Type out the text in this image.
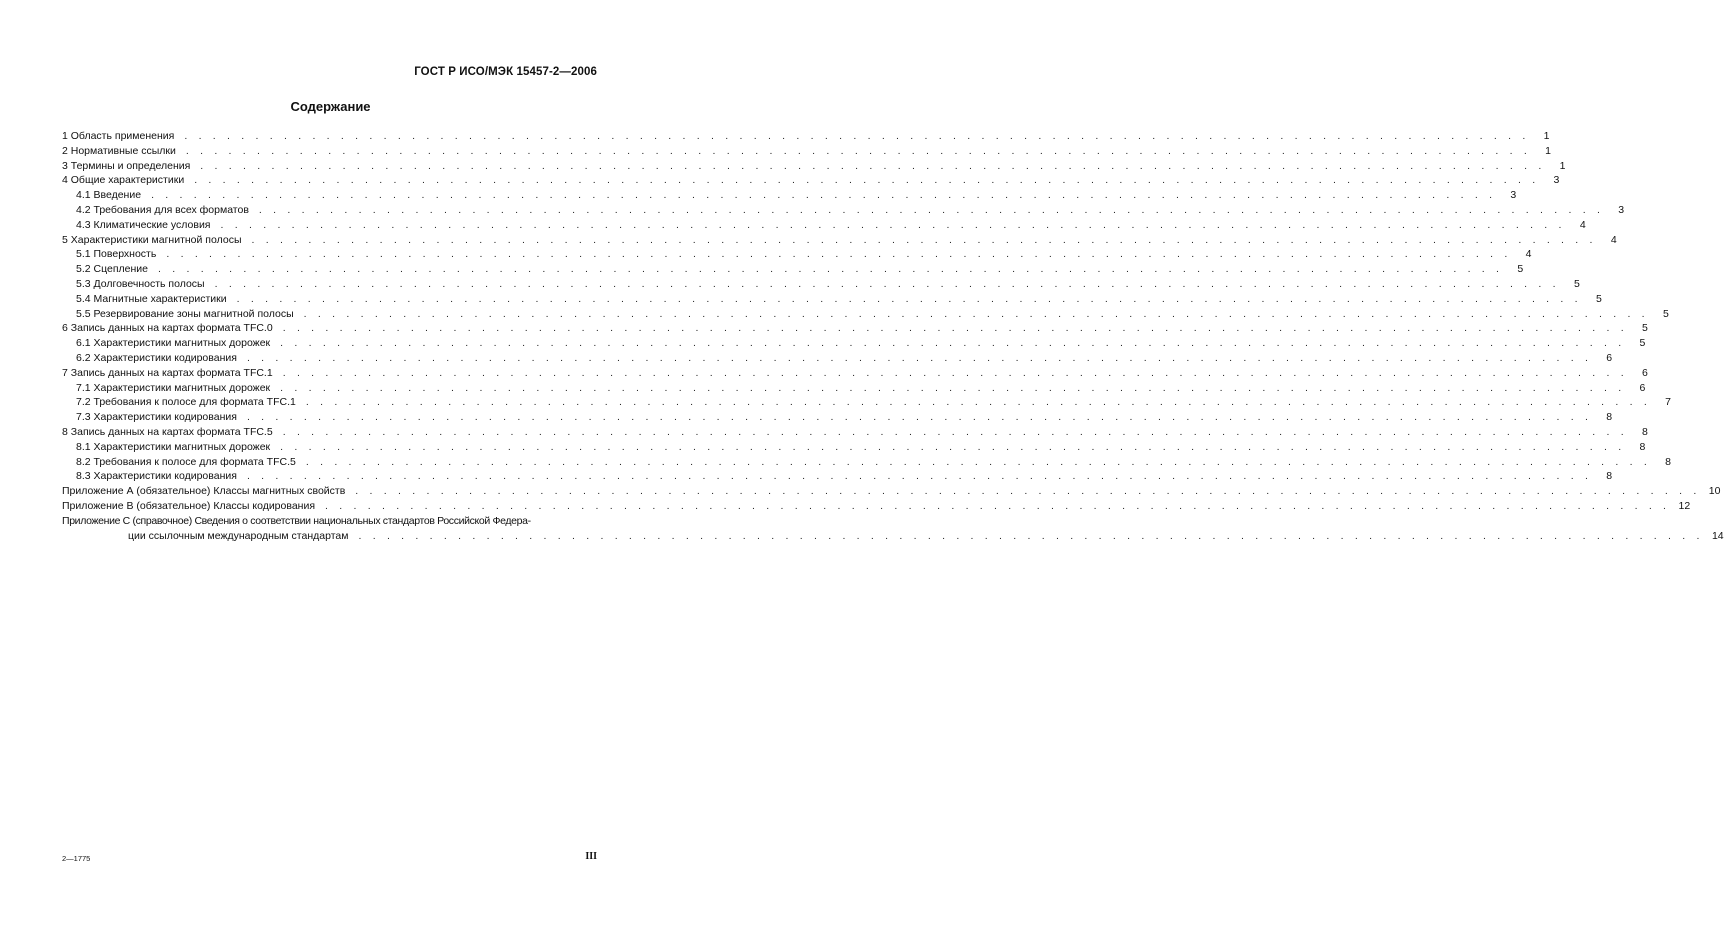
ГОСТ Р ИСО/МЭК 15457-2—2006
Содержание
1 Область применения . . . . . . . . . . . . . . . . . . . . . . . . . . . . . . . . . . . . . . . . . . . . . . . . . . . . . . . . . . . . . . . . . . . . . . . . . . . . . . . . . . . . . . . . . . . . . . .	1
2 Нормативные ссылки . . . . . . . . . . . . . . . . . . . . . . . . . . . . . . . . . . . . . . . . . . . . . . . . . . . . . . . . . . . . . . . . . . . . . . . . . . . . . . . . . . . . . . . . . . . . . . .	1
3 Термины и определения . . . . . . . . . . . . . . . . . . . . . . . . . . . . . . . . . . . . . . . . . . . . . . . . . . . . . . . . . . . . . . . . . . . . . . . . . . . . . . . . . . . . . . . . . . . . . . .	1
4 Общие характеристики . . . . . . . . . . . . . . . . . . . . . . . . . . . . . . . . . . . . . . . . . . . . . . . . . . . . . . . . . . . . . . . . . . . . . . . . . . . . . . . . . . . . . . . . . . . . . . .	3
4.1 Введение . . . . . . . . . . . . . . . . . . . . . . . . . . . . . . . . . . . . . . . . . . . . . . . . . . . . . . . . . . . . . . . . . . . . . . . . . . . . . . . . . . . . . . . . . . . . . . .	3
4.2 Требования для всех форматов . . . . . . . . . . . . . . . . . . . . . . . . . . . . . . . . . . . . . . . . . . . . . . . . . . . . . . . . . . . . . . . . . . . . . . . . . . . . . . . . . . . . . . . . . . . . . . .	3
4.3 Климатические условия . . . . . . . . . . . . . . . . . . . . . . . . . . . . . . . . . . . . . . . . . . . . . . . . . . . . . . . . . . . . . . . . . . . . . . . . . . . . . . . . . . . . . . . . . . . . . . .	4
5 Характеристики магнитной полосы . . . . . . . . . . . . . . . . . . . . . . . . . . . . . . . . . . . . . . . . . . . . . . . . . . . . . . . . . . . . . . . . . . . . . . . . . . . . . . . . . . . . . . . . . . . . . . .	4
5.1 Поверхность . . . . . . . . . . . . . . . . . . . . . . . . . . . . . . . . . . . . . . . . . . . . . . . . . . . . . . . . . . . . . . . . . . . . . . . . . . . . . . . . . . . . . . . . . . . . . . .	4
5.2 Сцепление . . . . . . . . . . . . . . . . . . . . . . . . . . . . . . . . . . . . . . . . . . . . . . . . . . . . . . . . . . . . . . . . . . . . . . . . . . . . . . . . . . . . . . . . . . . . . . .	5
5.3 Долговечность полосы . . . . . . . . . . . . . . . . . . . . . . . . . . . . . . . . . . . . . . . . . . . . . . . . . . . . . . . . . . . . . . . . . . . . . . . . . . . . . . . . . . . . . . . . . . . . . . .	5
5.4 Магнитные характеристики . . . . . . . . . . . . . . . . . . . . . . . . . . . . . . . . . . . . . . . . . . . . . . . . . . . . . . . . . . . . . . . . . . . . . . . . . . . . . . . . . . . . . . . . . . . . . . .	5
5.5 Резервирование зоны магнитной полосы . . . . . . . . . . . . . . . . . . . . . . . . . . . . . . . . . . . . . . . . . . . . . . . . . . . . . . . . . . . . . . . . . . . . . . . . . . . . . . . . . . . . . . . . . . . . . . .	5
6 Запись данных на картах формата TFC.0 . . . . . . . . . . . . . . . . . . . . . . . . . . . . . . . . . . . . . . . . . . . . . . . . . . . . . . . . . . . . . . . . . . . . . . . . . . . . . . . . . . . . . . . . . . . . . . .	5
6.1 Характеристики магнитных дорожек . . . . . . . . . . . . . . . . . . . . . . . . . . . . . . . . . . . . . . . . . . . . . . . . . . . . . . . . . . . . . . . . . . . . . . . . . . . . . . . . . . . . . . . . . . . . . . .	5
6.2 Характеристики кодирования . . . . . . . . . . . . . . . . . . . . . . . . . . . . . . . . . . . . . . . . . . . . . . . . . . . . . . . . . . . . . . . . . . . . . . . . . . . . . . . . . . . . . . . . . . . . . . .	6
7 Запись данных на картах формата TFC.1 . . . . . . . . . . . . . . . . . . . . . . . . . . . . . . . . . . . . . . . . . . . . . . . . . . . . . . . . . . . . . . . . . . . . . . . . . . . . . . . . . . . . . . . . . . . . . . .	6
7.1 Характеристики магнитных дорожек . . . . . . . . . . . . . . . . . . . . . . . . . . . . . . . . . . . . . . . . . . . . . . . . . . . . . . . . . . . . . . . . . . . . . . . . . . . . . . . . . . . . . . . . . . . . . . .	6
7.2 Требования к полосе для формата TFC.1 . . . . . . . . . . . . . . . . . . . . . . . . . . . . . . . . . . . . . . . . . . . . . . . . . . . . . . . . . . . . . . . . . . . . . . . . . . . . . . . . . . . . . . . . . . . . . . .	7
7.3 Характеристики кодирования . . . . . . . . . . . . . . . . . . . . . . . . . . . . . . . . . . . . . . . . . . . . . . . . . . . . . . . . . . . . . . . . . . . . . . . . . . . . . . . . . . . . . . . . . . . . . . .	8
8 Запись данных на картах формата TFC.5 . . . . . . . . . . . . . . . . . . . . . . . . . . . . . . . . . . . . . . . . . . . . . . . . . . . . . . . . . . . . . . . . . . . . . . . . . . . . . . . . . . . . . . . . . . . . . . .	8
8.1 Характеристики магнитных дорожек . . . . . . . . . . . . . . . . . . . . . . . . . . . . . . . . . . . . . . . . . . . . . . . . . . . . . . . . . . . . . . . . . . . . . . . . . . . . . . . . . . . . . . . . . . . . . . .	8
8.2 Требования к полосе для формата TFC.5 . . . . . . . . . . . . . . . . . . . . . . . . . . . . . . . . . . . . . . . . . . . . . . . . . . . . . . . . . . . . . . . . . . . . . . . . . . . . . . . . . . . . . . . . . . . . . . .	8
8.3 Характеристики кодирования . . . . . . . . . . . . . . . . . . . . . . . . . . . . . . . . . . . . . . . . . . . . . . . . . . . . . . . . . . . . . . . . . . . . . . . . . . . . . . . . . . . . . . . . . . . . . . .	8
Приложение А (обязательное) Классы магнитных свойств . . . . . . . . . . . . . . . . . . . . . . . . . . . . . . . . . . . . . . . . . . . . . . . . . . . . . . . . . . . . . . . . . . . . . . . . . . . . . . . . . . . . . . . . . . . . . . . 10
Приложение В (обязательное) Классы кодирования . . . . . . . . . . . . . . . . . . . . . . . . . . . . . . . . . . . . . . . . . . . . . . . . . . . . . . . . . . . . . . . . . . . . . . . . . . . . . . . . . . . . . . . . . . . . . . . 12
Приложение С (справочное) Сведения о соответствии национальных стандартов Российской Федера-
ции ссылочным международным стандартам . . . . . . . . . . . . . . . . . . . . . . . . . . . . . . . . . . . . . . . . . . . . . . . . . . . . . . . . . . . . . . . . . . . . . . . . . . . . . . . . . . . . . . . . . . . . . . . 14
2—1775	III
